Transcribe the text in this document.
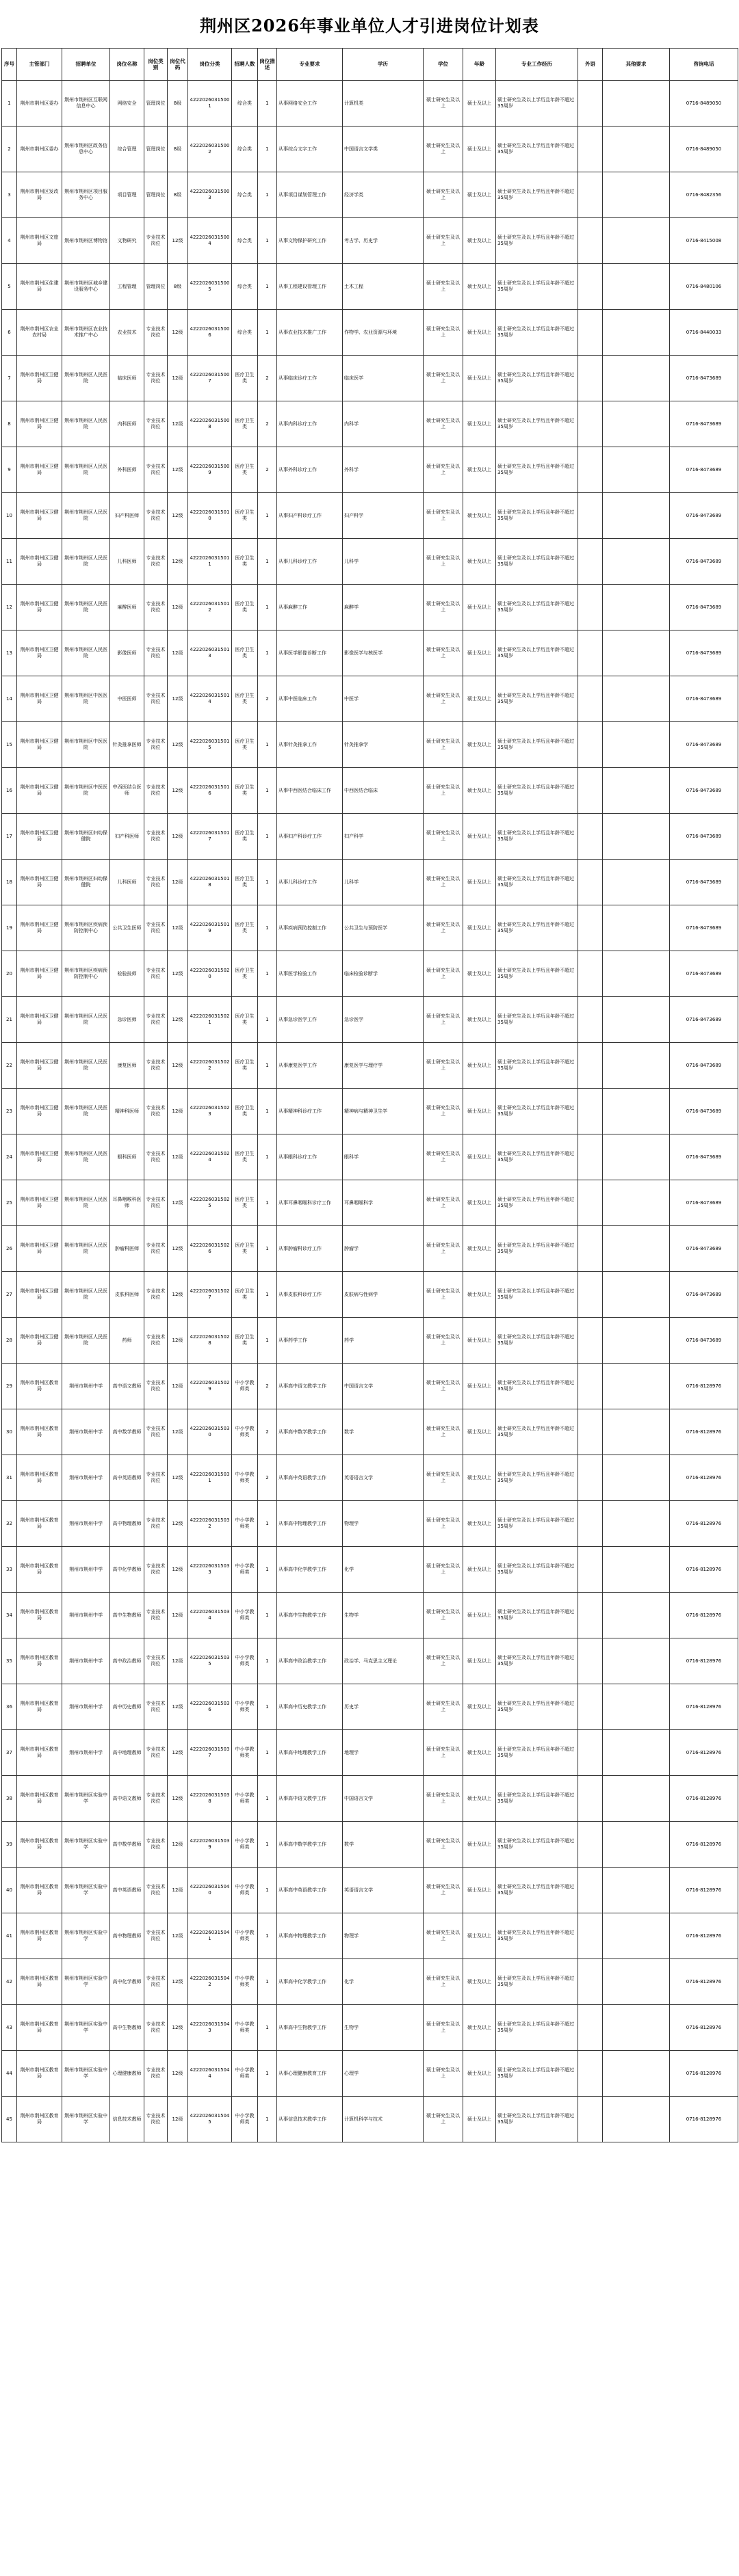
荆州区2026年事业单位人才引进岗位计划表
序号	主管部门	招聘单位	岗位名称	岗位类别	岗位代码	岗位分类	招聘人数	岗位描述	专业要求	学历	学位	年龄	专业工作经历	外语	其他要求	咨询电话
1	荆州市荆州区委办	荆州市荆州区互联网信息中心	网络安全	管理岗位	8级	42220260315001	综合类	1	从事网络安全工作	计算机类	硕士研究生及以上	硕士及以上	硕士研究生及以上学历且年龄不超过35周岁			0716-8489050
2	荆州市荆州区委办	荆州市荆州区政务信息中心	综合管理	管理岗位	8级	42220260315002	综合类	1	从事综合文字工作	中国语言文学类	硕士研究生及以上	硕士及以上	硕士研究生及以上学历且年龄不超过35周岁			0716-8489050
3	荆州市荆州区发改局	荆州市荆州区项目服务中心	项目管理	管理岗位	8级	42220260315003	综合类	1	从事项目谋划管理工作	经济学类	硕士研究生及以上	硕士及以上	硕士研究生及以上学历且年龄不超过35周岁			0716-8482356
4	荆州市荆州区文旅局	荆州市荆州区博物馆	文物研究	专业技术岗位	12级	42220260315004	综合类	1	从事文物保护研究工作	考古学、历史学	硕士研究生及以上	硕士及以上	硕士研究生及以上学历且年龄不超过35周岁			0716-8415008
5	荆州市荆州区住建局	荆州市荆州区城乡建设服务中心	工程管理	管理岗位	8级	42220260315005	综合类	1	从事工程建设管理工作	土木工程	硕士研究生及以上	硕士及以上	硕士研究生及以上学历且年龄不超过35周岁			0716-8480106
6	荆州市荆州区农业农村局	荆州市荆州区农业技术推广中心	农业技术	专业技术岗位	12级	42220260315006	综合类	1	从事农业技术推广工作	作物学、农业资源与环境	硕士研究生及以上	硕士及以上	硕士研究生及以上学历且年龄不超过35周岁			0716-8440033
7	荆州市荆州区卫健局	荆州市荆州区人民医院	临床医师	专业技术岗位	12级	42220260315007	医疗卫生类	2	从事临床诊疗工作	临床医学	硕士研究生及以上	硕士及以上	硕士研究生及以上学历且年龄不超过35周岁			0716-8473689
8	荆州市荆州区卫健局	荆州市荆州区人民医院	内科医师	专业技术岗位	12级	42220260315008	医疗卫生类	2	从事内科诊疗工作	内科学	硕士研究生及以上	硕士及以上	硕士研究生及以上学历且年龄不超过35周岁			0716-8473689
9	荆州市荆州区卫健局	荆州市荆州区人民医院	外科医师	专业技术岗位	12级	42220260315009	医疗卫生类	2	从事外科诊疗工作	外科学	硕士研究生及以上	硕士及以上	硕士研究生及以上学历且年龄不超过35周岁			0716-8473689
10	荆州市荆州区卫健局	荆州市荆州区人民医院	妇产科医师	专业技术岗位	12级	42220260315010	医疗卫生类	1	从事妇产科诊疗工作	妇产科学	硕士研究生及以上	硕士及以上	硕士研究生及以上学历且年龄不超过35周岁			0716-8473689
11	荆州市荆州区卫健局	荆州市荆州区人民医院	儿科医师	专业技术岗位	12级	42220260315011	医疗卫生类	1	从事儿科诊疗工作	儿科学	硕士研究生及以上	硕士及以上	硕士研究生及以上学历且年龄不超过35周岁			0716-8473689
12	荆州市荆州区卫健局	荆州市荆州区人民医院	麻醉医师	专业技术岗位	12级	42220260315012	医疗卫生类	1	从事麻醉工作	麻醉学	硕士研究生及以上	硕士及以上	硕士研究生及以上学历且年龄不超过35周岁			0716-8473689
13	荆州市荆州区卫健局	荆州市荆州区人民医院	影像医师	专业技术岗位	12级	42220260315013	医疗卫生类	1	从事医学影像诊断工作	影像医学与核医学	硕士研究生及以上	硕士及以上	硕士研究生及以上学历且年龄不超过35周岁			0716-8473689
14	荆州市荆州区卫健局	荆州市荆州区中医医院	中医医师	专业技术岗位	12级	42220260315014	医疗卫生类	2	从事中医临床工作	中医学	硕士研究生及以上	硕士及以上	硕士研究生及以上学历且年龄不超过35周岁			0716-8473689
15	荆州市荆州区卫健局	荆州市荆州区中医医院	针灸推拿医师	专业技术岗位	12级	42220260315015	医疗卫生类	1	从事针灸推拿工作	针灸推拿学	硕士研究生及以上	硕士及以上	硕士研究生及以上学历且年龄不超过35周岁			0716-8473689
16	荆州市荆州区卫健局	荆州市荆州区中医医院	中西医结合医师	专业技术岗位	12级	42220260315016	医疗卫生类	1	从事中西医结合临床工作	中西医结合临床	硕士研究生及以上	硕士及以上	硕士研究生及以上学历且年龄不超过35周岁			0716-8473689
17	荆州市荆州区卫健局	荆州市荆州区妇幼保健院	妇产科医师	专业技术岗位	12级	42220260315017	医疗卫生类	1	从事妇产科诊疗工作	妇产科学	硕士研究生及以上	硕士及以上	硕士研究生及以上学历且年龄不超过35周岁			0716-8473689
18	荆州市荆州区卫健局	荆州市荆州区妇幼保健院	儿科医师	专业技术岗位	12级	42220260315018	医疗卫生类	1	从事儿科诊疗工作	儿科学	硕士研究生及以上	硕士及以上	硕士研究生及以上学历且年龄不超过35周岁			0716-8473689
19	荆州市荆州区卫健局	荆州市荆州区疾病预防控制中心	公共卫生医师	专业技术岗位	12级	42220260315019	医疗卫生类	1	从事疾病预防控制工作	公共卫生与预防医学	硕士研究生及以上	硕士及以上	硕士研究生及以上学历且年龄不超过35周岁			0716-8473689
20	荆州市荆州区卫健局	荆州市荆州区疾病预防控制中心	检验技师	专业技术岗位	12级	42220260315020	医疗卫生类	1	从事医学检验工作	临床检验诊断学	硕士研究生及以上	硕士及以上	硕士研究生及以上学历且年龄不超过35周岁			0716-8473689
21	荆州市荆州区卫健局	荆州市荆州区人民医院	急诊医师	专业技术岗位	12级	42220260315021	医疗卫生类	1	从事急诊医学工作	急诊医学	硕士研究生及以上	硕士及以上	硕士研究生及以上学历且年龄不超过35周岁			0716-8473689
22	荆州市荆州区卫健局	荆州市荆州区人民医院	康复医师	专业技术岗位	12级	42220260315022	医疗卫生类	1	从事康复医学工作	康复医学与理疗学	硕士研究生及以上	硕士及以上	硕士研究生及以上学历且年龄不超过35周岁			0716-8473689
23	荆州市荆州区卫健局	荆州市荆州区人民医院	精神科医师	专业技术岗位	12级	42220260315023	医疗卫生类	1	从事精神科诊疗工作	精神病与精神卫生学	硕士研究生及以上	硕士及以上	硕士研究生及以上学历且年龄不超过35周岁			0716-8473689
24	荆州市荆州区卫健局	荆州市荆州区人民医院	眼科医师	专业技术岗位	12级	42220260315024	医疗卫生类	1	从事眼科诊疗工作	眼科学	硕士研究生及以上	硕士及以上	硕士研究生及以上学历且年龄不超过35周岁			0716-8473689
25	荆州市荆州区卫健局	荆州市荆州区人民医院	耳鼻咽喉科医师	专业技术岗位	12级	42220260315025	医疗卫生类	1	从事耳鼻咽喉科诊疗工作	耳鼻咽喉科学	硕士研究生及以上	硕士及以上	硕士研究生及以上学历且年龄不超过35周岁			0716-8473689
26	荆州市荆州区卫健局	荆州市荆州区人民医院	肿瘤科医师	专业技术岗位	12级	42220260315026	医疗卫生类	1	从事肿瘤科诊疗工作	肿瘤学	硕士研究生及以上	硕士及以上	硕士研究生及以上学历且年龄不超过35周岁			0716-8473689
27	荆州市荆州区卫健局	荆州市荆州区人民医院	皮肤科医师	专业技术岗位	12级	42220260315027	医疗卫生类	1	从事皮肤科诊疗工作	皮肤病与性病学	硕士研究生及以上	硕士及以上	硕士研究生及以上学历且年龄不超过35周岁			0716-8473689
28	荆州市荆州区卫健局	荆州市荆州区人民医院	药师	专业技术岗位	12级	42220260315028	医疗卫生类	1	从事药学工作	药学	硕士研究生及以上	硕士及以上	硕士研究生及以上学历且年龄不超过35周岁			0716-8473689
29	荆州市荆州区教育局	荆州市荆州中学	高中语文教师	专业技术岗位	12级	42220260315029	中小学教师类	2	从事高中语文教学工作	中国语言文学	硕士研究生及以上	硕士及以上	硕士研究生及以上学历且年龄不超过35周岁			0716-8128976
30	荆州市荆州区教育局	荆州市荆州中学	高中数学教师	专业技术岗位	12级	42220260315030	中小学教师类	2	从事高中数学教学工作	数学	硕士研究生及以上	硕士及以上	硕士研究生及以上学历且年龄不超过35周岁			0716-8128976
31	荆州市荆州区教育局	荆州市荆州中学	高中英语教师	专业技术岗位	12级	42220260315031	中小学教师类	2	从事高中英语教学工作	英语语言文学	硕士研究生及以上	硕士及以上	硕士研究生及以上学历且年龄不超过35周岁			0716-8128976
32	荆州市荆州区教育局	荆州市荆州中学	高中物理教师	专业技术岗位	12级	42220260315032	中小学教师类	1	从事高中物理教学工作	物理学	硕士研究生及以上	硕士及以上	硕士研究生及以上学历且年龄不超过35周岁			0716-8128976
33	荆州市荆州区教育局	荆州市荆州中学	高中化学教师	专业技术岗位	12级	42220260315033	中小学教师类	1	从事高中化学教学工作	化学	硕士研究生及以上	硕士及以上	硕士研究生及以上学历且年龄不超过35周岁			0716-8128976
34	荆州市荆州区教育局	荆州市荆州中学	高中生物教师	专业技术岗位	12级	42220260315034	中小学教师类	1	从事高中生物教学工作	生物学	硕士研究生及以上	硕士及以上	硕士研究生及以上学历且年龄不超过35周岁			0716-8128976
35	荆州市荆州区教育局	荆州市荆州中学	高中政治教师	专业技术岗位	12级	42220260315035	中小学教师类	1	从事高中政治教学工作	政治学、马克思主义理论	硕士研究生及以上	硕士及以上	硕士研究生及以上学历且年龄不超过35周岁			0716-8128976
36	荆州市荆州区教育局	荆州市荆州中学	高中历史教师	专业技术岗位	12级	42220260315036	中小学教师类	1	从事高中历史教学工作	历史学	硕士研究生及以上	硕士及以上	硕士研究生及以上学历且年龄不超过35周岁			0716-8128976
37	荆州市荆州区教育局	荆州市荆州中学	高中地理教师	专业技术岗位	12级	42220260315037	中小学教师类	1	从事高中地理教学工作	地理学	硕士研究生及以上	硕士及以上	硕士研究生及以上学历且年龄不超过35周岁			0716-8128976
38	荆州市荆州区教育局	荆州市荆州区实验中学	高中语文教师	专业技术岗位	12级	42220260315038	中小学教师类	1	从事高中语文教学工作	中国语言文学	硕士研究生及以上	硕士及以上	硕士研究生及以上学历且年龄不超过35周岁			0716-8128976
39	荆州市荆州区教育局	荆州市荆州区实验中学	高中数学教师	专业技术岗位	12级	42220260315039	中小学教师类	1	从事高中数学教学工作	数学	硕士研究生及以上	硕士及以上	硕士研究生及以上学历且年龄不超过35周岁			0716-8128976
40	荆州市荆州区教育局	荆州市荆州区实验中学	高中英语教师	专业技术岗位	12级	42220260315040	中小学教师类	1	从事高中英语教学工作	英语语言文学	硕士研究生及以上	硕士及以上	硕士研究生及以上学历且年龄不超过35周岁			0716-8128976
41	荆州市荆州区教育局	荆州市荆州区实验中学	高中物理教师	专业技术岗位	12级	42220260315041	中小学教师类	1	从事高中物理教学工作	物理学	硕士研究生及以上	硕士及以上	硕士研究生及以上学历且年龄不超过35周岁			0716-8128976
42	荆州市荆州区教育局	荆州市荆州区实验中学	高中化学教师	专业技术岗位	12级	42220260315042	中小学教师类	1	从事高中化学教学工作	化学	硕士研究生及以上	硕士及以上	硕士研究生及以上学历且年龄不超过35周岁			0716-8128976
43	荆州市荆州区教育局	荆州市荆州区实验中学	高中生物教师	专业技术岗位	12级	42220260315043	中小学教师类	1	从事高中生物教学工作	生物学	硕士研究生及以上	硕士及以上	硕士研究生及以上学历且年龄不超过35周岁			0716-8128976
44	荆州市荆州区教育局	荆州市荆州区实验中学	心理健康教师	专业技术岗位	12级	42220260315044	中小学教师类	1	从事心理健康教育工作	心理学	硕士研究生及以上	硕士及以上	硕士研究生及以上学历且年龄不超过35周岁			0716-8128976
45	荆州市荆州区教育局	荆州市荆州区实验中学	信息技术教师	专业技术岗位	12级	42220260315045	中小学教师类	1	从事信息技术教学工作	计算机科学与技术	硕士研究生及以上	硕士及以上	硕士研究生及以上学历且年龄不超过35周岁			0716-8128976
